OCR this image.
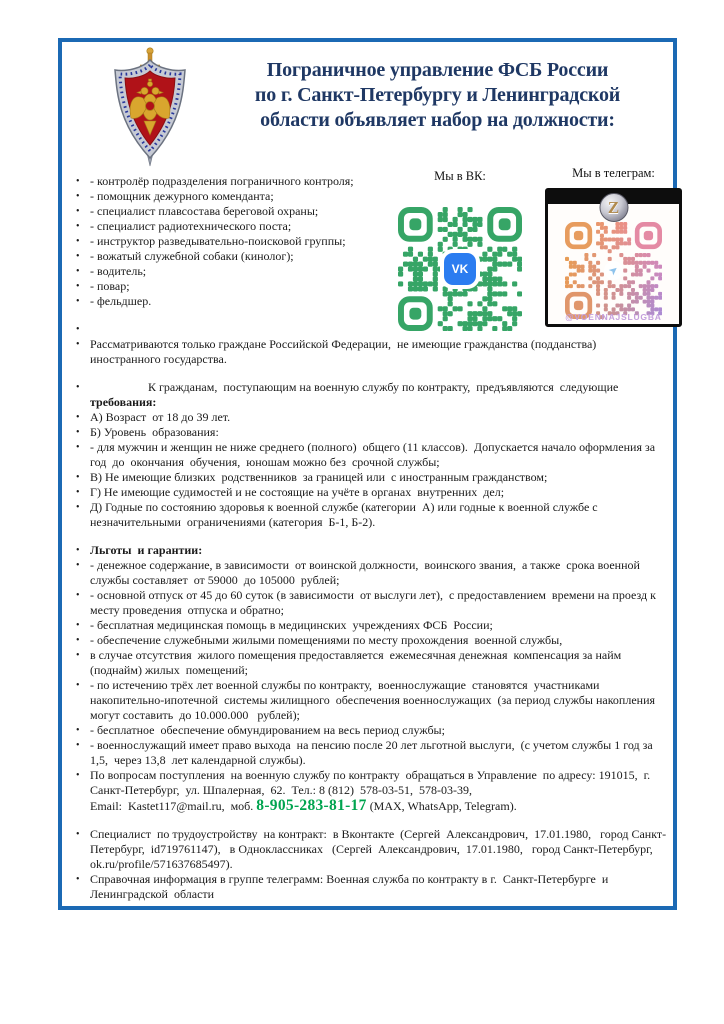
Пограничное управление ФСБ России
по г. Санкт-Петербургу и Ленинградской
области объявляет набор на должности:
• - контролёр подразделения пограничного контроля;
• - помощник дежурного коменданта;
• - специалист плавсостава береговой охраны;
• - специалист радиотехнического поста;
• - инструктор разведывательно-поисковой группы;
• - вожатый служебной собаки (кинолог);
• - водитель;
• - повар;
• - фельдшер.
Мы в ВК:
VK
Мы в телеграм:
Z
➤
@VOENNAJSLUGBA
•
• Рассматриваются только граждане Российской Федерации,  не имеющие гражданства (подданства) иностранного государства.
•	К гражданам,  поступающим на военную службу по контракту,  предъявляются  следующие требования:
• А) Возраст  от 18 до 39 лет.
• Б) Уровень  образования:
• - для мужчин и женщин не ниже среднего (полного)  общего (11 классов).  Допускается начало оформления за год  до  окончания  обучения,  юношам можно без  срочной службы;
• В) Не имеющие близких  родственников  за границей или  с иностранным гражданством;
• Г) Не имеющие судимостей и не состоящие на учёте в органах  внутренних  дел;
• Д) Годные по состоянию здоровья к военной службе (категории  А) или годные к военной службе с незначительными  ограничениями (категория  Б-1, Б-2).
• Льготы  и гарантии:
• - денежное содержание, в зависимости  от воинской должности,  воинского звания,  а также  срока военной службы составляет  от 59000  до 105000  рублей;
• - основной отпуск от 45 до 60 суток (в зависимости  от выслуги лет),  с предоставлением  времени на проезд к месту проведения  отпуска и обратно;
• - бесплатная медицинская помощь в медицинских  учреждениях ФСБ  России;
• - обеспечение служебными жилыми помещениями по месту прохождения  военной службы,
• в случае отсутствия  жилого помещения предоставляется  ежемесячная денежная  компенсация за найм (поднайм) жилых  помещений;
• - по истечению трёх лет военной службы по контракту,  военнослужащие  становятся  участниками накопительно-ипотечной  системы жилищного  обеспечения военнослужащих  (за период службы накопления могут составить  до 10.000.000   рублей);
• - бесплатное  обеспечение обмундированием на весь период службы;
• - военнослужащий имеет право выхода  на пенсию после 20 лет льготной выслуги,  (с учетом службы 1 год за 1,5,  через 13,8  лет календарной службы).
• По вопросам поступления  на военную службу по контракту  обращаться в Управление  по адресу: 191015,  г. Санкт-Петербург,  ул. Шпалерная,  62.  Тел.: 8 (812)  578-03-51,  578-03-39,
Email:  Kastet117@mail.ru,  моб. 8-905-283-81-17 (MAX, WhatsApp, Telegram).
• Специалист  по трудоустройству  на контракт:  в Вконтакте  (Сергей  Александрович,  17.01.1980,   город Санкт-Петербург,  id719761147),   в Одноклассниках   (Сергей  Александрович,  17.01.1980,   город Санкт-Петербург,  ok.ru/profile/571637685497).
• Справочная информация в группе телеграмм: Военная служба по контракту в г.  Санкт-Петербурге  и Ленинградской  области
